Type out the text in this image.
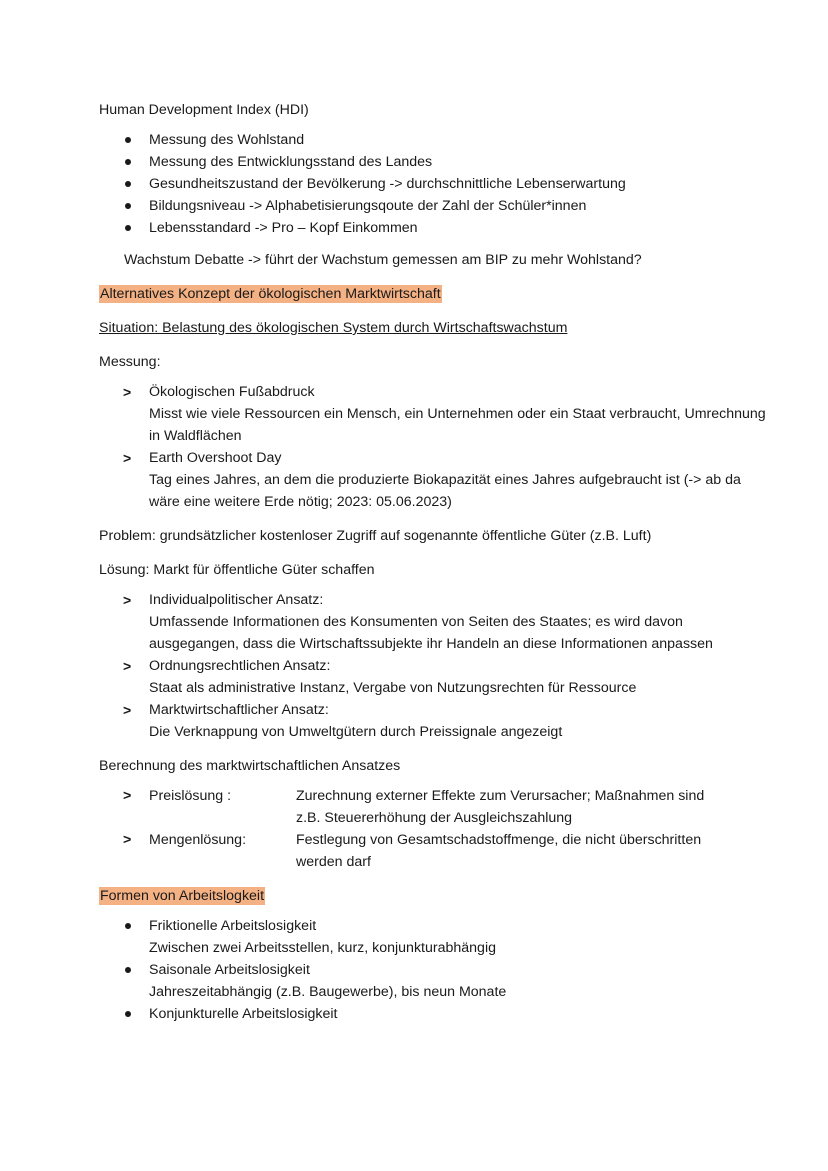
Human Development Index (HDI)
Messung des Wohlstand
Messung des Entwicklungsstand des Landes
Gesundheitszustand der Bevölkerung -> durchschnittliche Lebenserwartung
Bildungsniveau -> Alphabetisierungsqoute der Zahl der Schüler*innen
Lebensstandard -> Pro – Kopf Einkommen
Wachstum Debatte -> führt der Wachstum gemessen am BIP zu mehr Wohlstand?
Alternatives Konzept der ökologischen Marktwirtschaft
Situation: Belastung des ökologischen System durch Wirtschaftswachstum
Messung:
>	Ökologischen Fußabdruck
Misst wie viele Ressourcen ein Mensch, ein Unternehmen oder ein Staat verbraucht, Umrechnung in Waldflächen
>	Earth Overshoot Day
Tag eines Jahres, an dem die produzierte Biokapazität eines Jahres aufgebraucht ist (-> ab da wäre eine weitere Erde nötig; 2023: 05.06.2023)
Problem: grundsätzlicher kostenloser Zugriff auf sogenannte öffentliche Güter (z.B. Luft)
Lösung: Markt für öffentliche Güter schaffen
>	Individualpolitischer Ansatz:
Umfassende Informationen des Konsumenten von Seiten des Staates; es wird davon ausgegangen, dass die Wirtschaftssubjekte ihr Handeln an diese Informationen anpassen
>	Ordnungsrechtlichen Ansatz:
Staat als administrative Instanz, Vergabe von Nutzungsrechten für Ressource
>	Marktwirtschaftlicher Ansatz:
Die Verknappung von Umweltgütern durch Preissignale angezeigt
Berechnung des marktwirtschaftlichen Ansatzes
> Preislösung :	Zurechnung externer Effekte zum Verursacher; Maßnahmen sind z.B. Steuererhöhung der Ausgleichszahlung
> Mengenlösung:	Festlegung von Gesamtschadstoffmenge, die nicht überschritten werden darf
Formen von Arbeitslogkeit
Friktionelle Arbeitslosigkeit
Zwischen zwei Arbeitsstellen, kurz, konjunkturabhängig
Saisonale Arbeitslosigkeit
Jahreszeitabhängig (z.B. Baugewerbe), bis neun Monate
Konjunkturelle Arbeitslosigkeit
